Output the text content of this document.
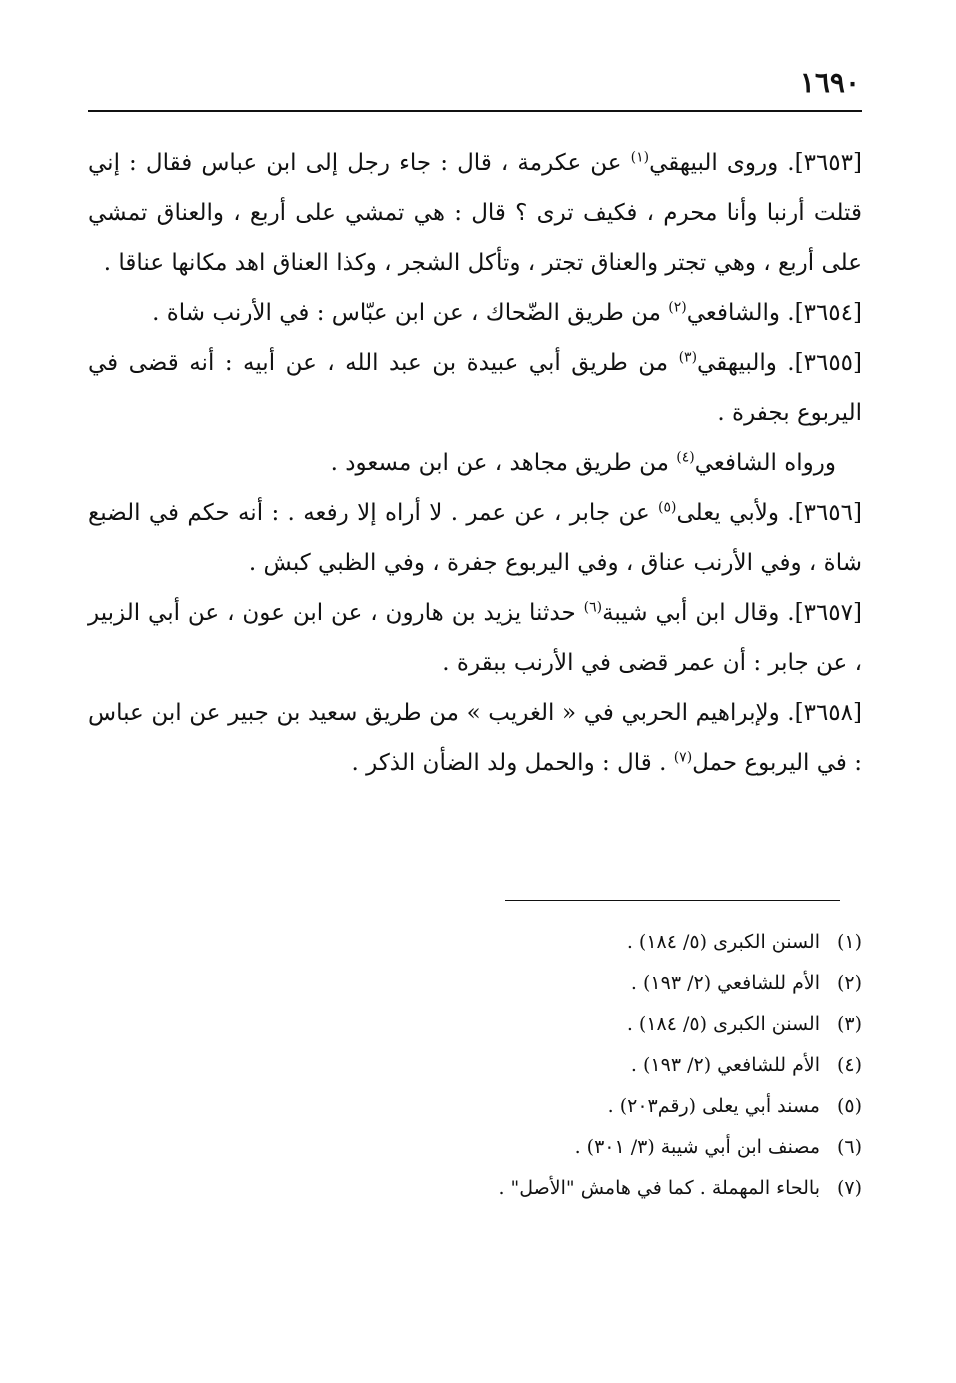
١٦٩٠

[٣٦٥٣]. وروى البيهقي$^{(١)}$ عن عكرمة ، قال : جاء رجل إلى ابن عباس فقال : إني قتلت أرنبا وأنا محرم ، فكيف ترى ؟ قال : هي تمشي على أربع ، والعناق تمشي على أربع ، وهي تجتر والعناق تجتر ، وتأكل الشجر ، وكذا العناق اهد مكانها عناقا .

[٣٦٥٤]. والشافعي$^{(٢)}$ من طريق الضّحاك ، عن ابن عبّاس : في الأرنب شاة .

[٣٦٥٥]. والبيهقي$^{(٣)}$ من طريق أبي عبيدة بن عبد الله ، عن أبيه : أنه قضى في اليربوع بجفرة .

ورواه الشافعي$^{(٤)}$ من طريق مجاهد ، عن ابن مسعود .

[٣٦٥٦]. ولأبي يعلى$^{(٥)}$ عن جابر ، عن عمر . لا أراه إلا رفعه . : أنه حكم في الضبع شاة ، وفي الأرنب عناق ، وفي اليربوع جفرة ، وفي الظبي كبش .

[٣٦٥٧]. وقال ابن أبي شيبة$^{(٦)}$ حدثنا يزيد بن هارون ، عن ابن عون ، عن أبي الزبير ، عن جابر : أن عمر قضى في الأرنب ببقرة .

[٣٦٥٨]. ولإبراهيم الحربي في « الغريب » من طريق سعيد بن جبير عن ابن عباس : في اليربوع حمل$^{(٧)}$ . قال : والحمل ولد الضأن الذكر .

(١)السنن الكبرى (٥/ ١٨٤) .

(٢)الأم للشافعي (٢/ ١٩٣) .

(٣)السنن الكبرى (٥/ ١٨٤) .

(٤)الأم للشافعي (٢/ ١٩٣) .

(٥)مسند أبي يعلى (رقم٢٠٣) .

(٦)مصنف ابن أبي شيبة (٣/ ٣٠١) .

(٧)بالحاء المهملة . كما في هامش "الأصل" .
